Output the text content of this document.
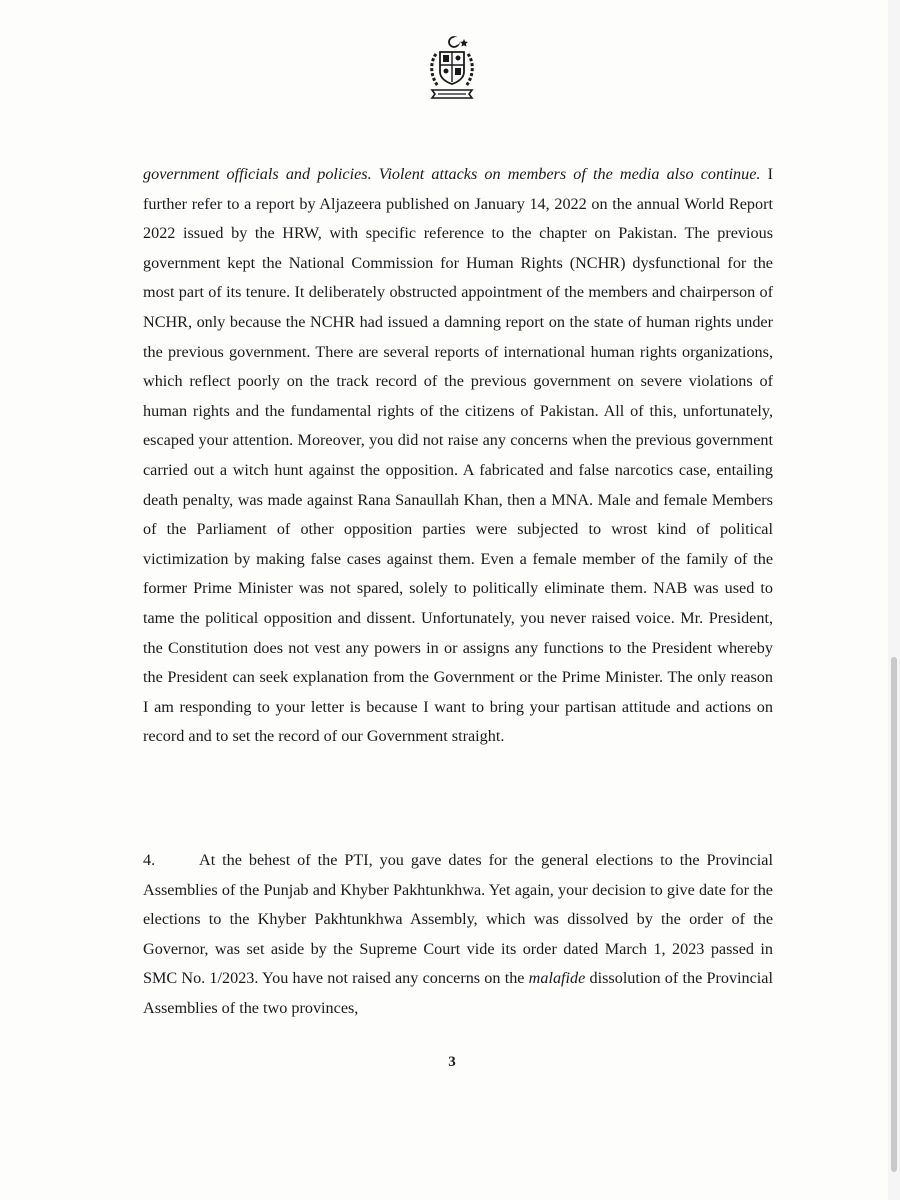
government officials and policies. Violent attacks on members of the media also continue. I further refer to a report by Aljazeera published on January 14, 2022 on the annual World Report 2022 issued by the HRW, with specific reference to the chapter on Pakistan. The previous government kept the National Commission for Human Rights (NCHR) dysfunctional for the most part of its tenure. It deliberately obstructed appointment of the members and chairperson of NCHR, only because the NCHR had issued a damning report on the state of human rights under the previous government. There are several reports of international human rights organizations, which reflect poorly on the track record of the previous government on severe violations of human rights and the fundamental rights of the citizens of Pakistan. All of this, unfortunately, escaped your attention. Moreover, you did not raise any concerns when the previous government carried out a witch hunt against the opposition. A fabricated and false narcotics case, entailing death penalty, was made against Rana Sanaullah Khan, then a MNA. Male and female Members of the Parliament of other opposition parties were subjected to wrost kind of political victimization by making false cases against them. Even a female member of the family of the former Prime Minister was not spared, solely to politically eliminate them. NAB was used to tame the political opposition and dissent. Unfortunately, you never raised voice. Mr. President, the Constitution does not vest any powers in or assigns any functions to the President whereby the President can seek explanation from the Government or the Prime Minister. The only reason I am responding to your letter is because I want to bring your partisan attitude and actions on record and to set the record of our Government straight.

4.	At the behest of the PTI, you gave dates for the general elections to the Provincial Assemblies of the Punjab and Khyber Pakhtunkhwa. Yet again, your decision to give date for the elections to the Khyber Pakhtunkhwa Assembly, which was dissolved by the order of the Governor, was set aside by the Supreme Court vide its order dated March 1, 2023 passed in SMC No. 1/2023. You have not raised any concerns on the malafide dissolution of the Provincial Assemblies of the two provinces,

3
